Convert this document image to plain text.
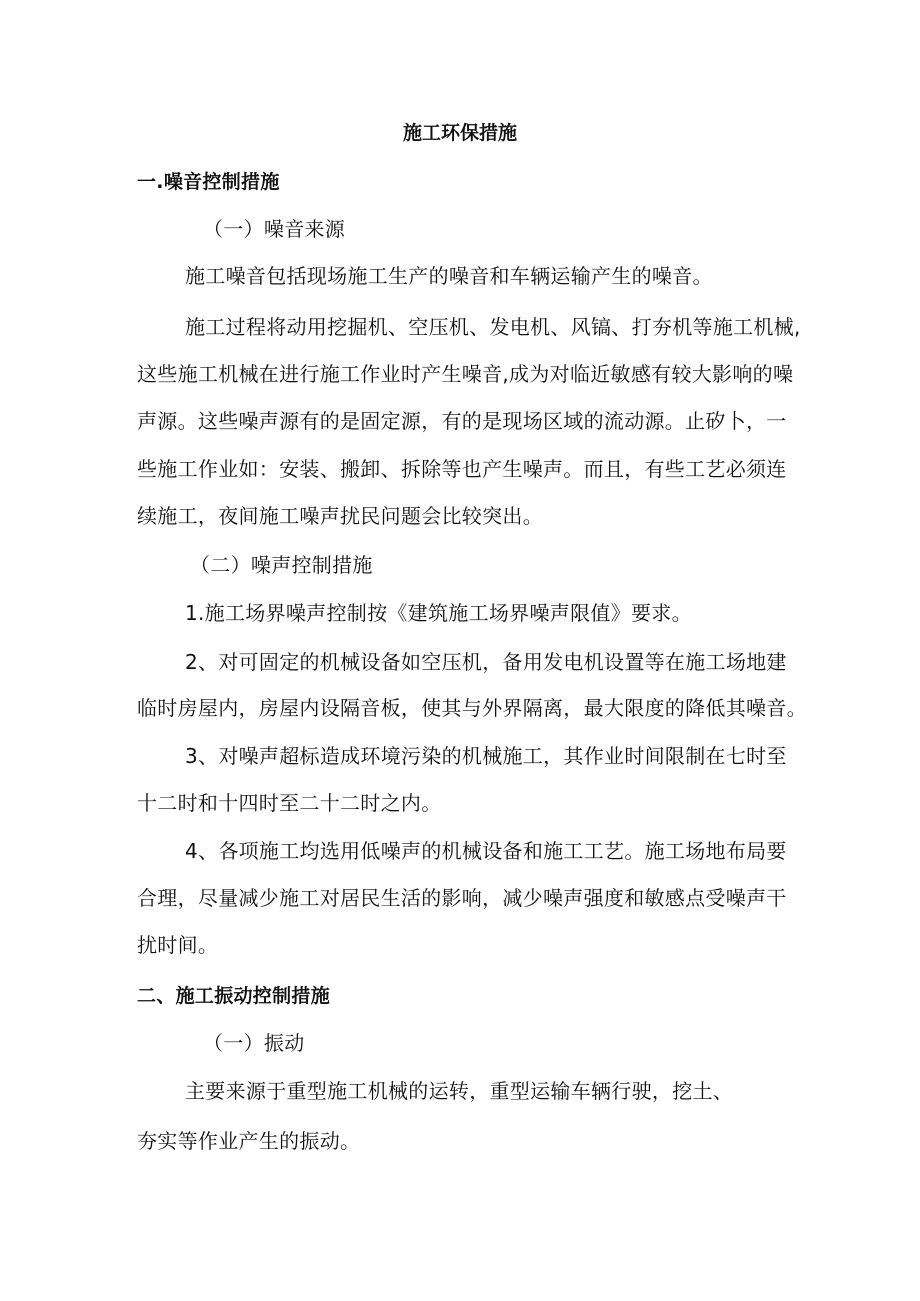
施工环保措施
一.噪音控制措施
（一）噪音来源
施工噪音包括现场施工生产的噪音和车辆运输产生的噪音。
施工过程将动用挖掘机、空压机、发电机、风镐、打夯机等施工机械,
这些施工机械在进行施工作业时产生噪音,成为对临近敏感有较大影响的噪
声源。这些噪声源有的是固定源，有的是现场区域的流动源。止矽卜，一
些施工作业如：安装、搬卸、拆除等也产生噪声。而且，有些工艺必须连
续施工，夜间施工噪声扰民问题会比较突出。
（二）噪声控制措施
1.施工场界噪声控制按《建筑施工场界噪声限值》要求。
2、对可固定的机械设备如空压机，备用发电机设置等在施工场地建
临时房屋内，房屋内设隔音板，使其与外界隔离，最大限度的降低其噪音。
3、对噪声超标造成环境污染的机械施工，其作业时间限制在七时至
十二时和十四时至二十二时之内。
4、各项施工均选用低噪声的机械设备和施工工艺。施工场地布局要
合理，尽量减少施工对居民生活的影响，减少噪声强度和敏感点受噪声干
扰时间。
二、施工振动控制措施
（一）振动
主要来源于重型施工机械的运转，重型运输车辆行驶，挖土、
夯实等作业产生的振动。
